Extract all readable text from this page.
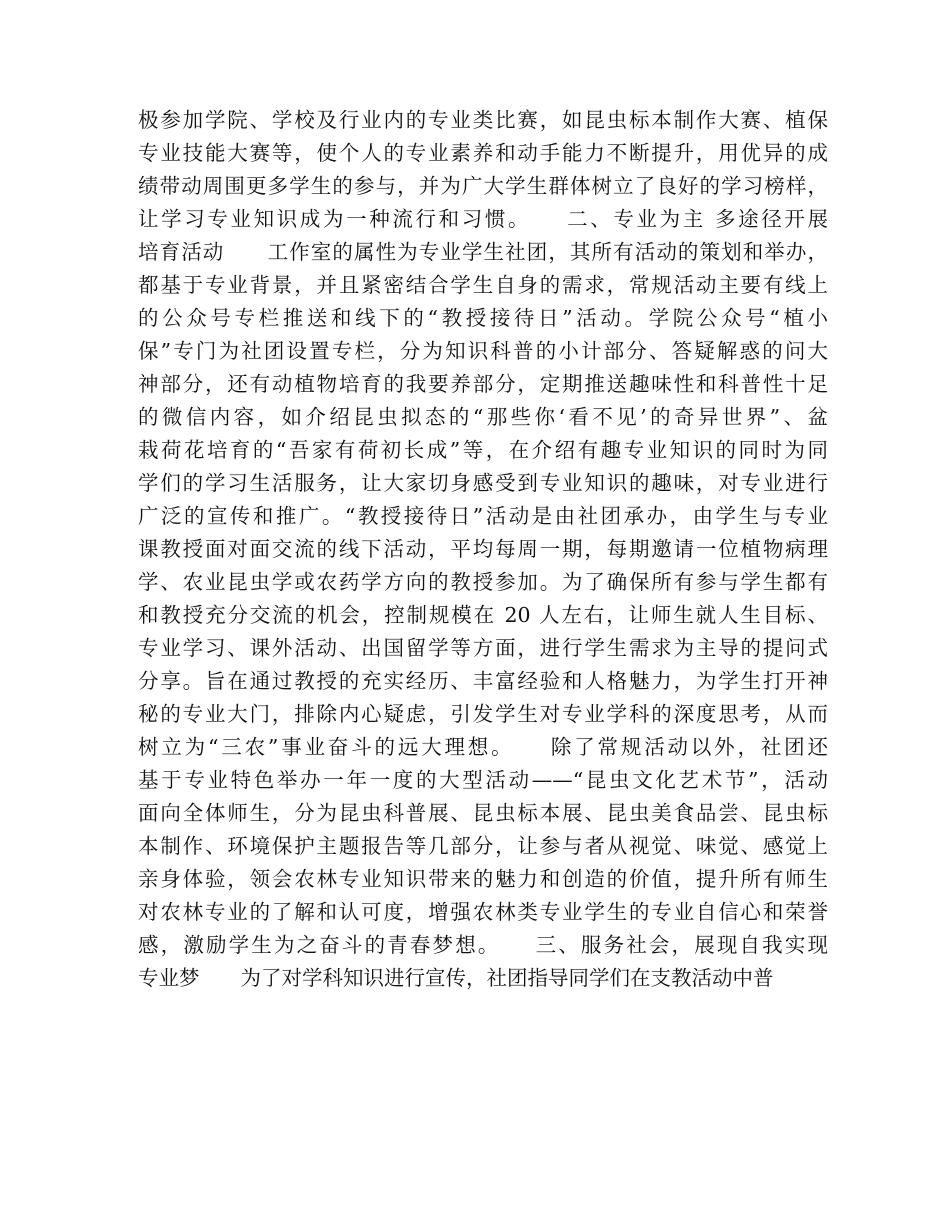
极参加学院、学校及行业内的专业类比赛，如昆虫标本制作大赛、植保
专业技能大赛等，使个人的专业素养和动手能力不断提升，用优异的成
绩带动周围更多学生的参与，并为广大学生群体树立了良好的学习榜样，
让学习专业知识成为一种流行和习惯。　　二、专业为主 多途径开展
培育活动　　工作室的属性为专业学生社团，其所有活动的策划和举办，
都基于专业背景，并且紧密结合学生自身的需求，常规活动主要有线上
的公众号专栏推送和线下的“教授接待日”活动。学院公众号“植小
保”专门为社团设置专栏，分为知识科普的小计部分、答疑解惑的问大
神部分，还有动植物培育的我要养部分，定期推送趣味性和科普性十足
的微信内容，如介绍昆虫拟态的“那些你‘看不见’的奇异世界”、盆
栽荷花培育的“吾家有荷初长成”等，在介绍有趣专业知识的同时为同
学们的学习生活服务，让大家切身感受到专业知识的趣味，对专业进行
广泛的宣传和推广。“教授接待日”活动是由社团承办，由学生与专业
课教授面对面交流的线下活动，平均每周一期，每期邀请一位植物病理
学、农业昆虫学或农药学方向的教授参加。为了确保所有参与学生都有
和教授充分交流的机会，控制规模在 20 人左右，让师生就人生目标、
专业学习、课外活动、出国留学等方面，进行学生需求为主导的提问式
分享。旨在通过教授的充实经历、丰富经验和人格魅力，为学生打开神
秘的专业大门，排除内心疑虑，引发学生对专业学科的深度思考，从而
树立为“三农”事业奋斗的远大理想。　　除了常规活动以外，社团还
基于专业特色举办一年一度的大型活动——“昆虫文化艺术节”，活动
面向全体师生，分为昆虫科普展、昆虫标本展、昆虫美食品尝、昆虫标
本制作、环境保护主题报告等几部分，让参与者从视觉、味觉、感觉上
亲身体验，领会农林专业知识带来的魅力和创造的价值，提升所有师生
对农林专业的了解和认可度，增强农林类专业学生的专业自信心和荣誉
感，激励学生为之奋斗的青春梦想。　　三、服务社会，展现自我实现
专业梦　　为了对学科知识进行宣传，社团指导同学们在支教活动中普
